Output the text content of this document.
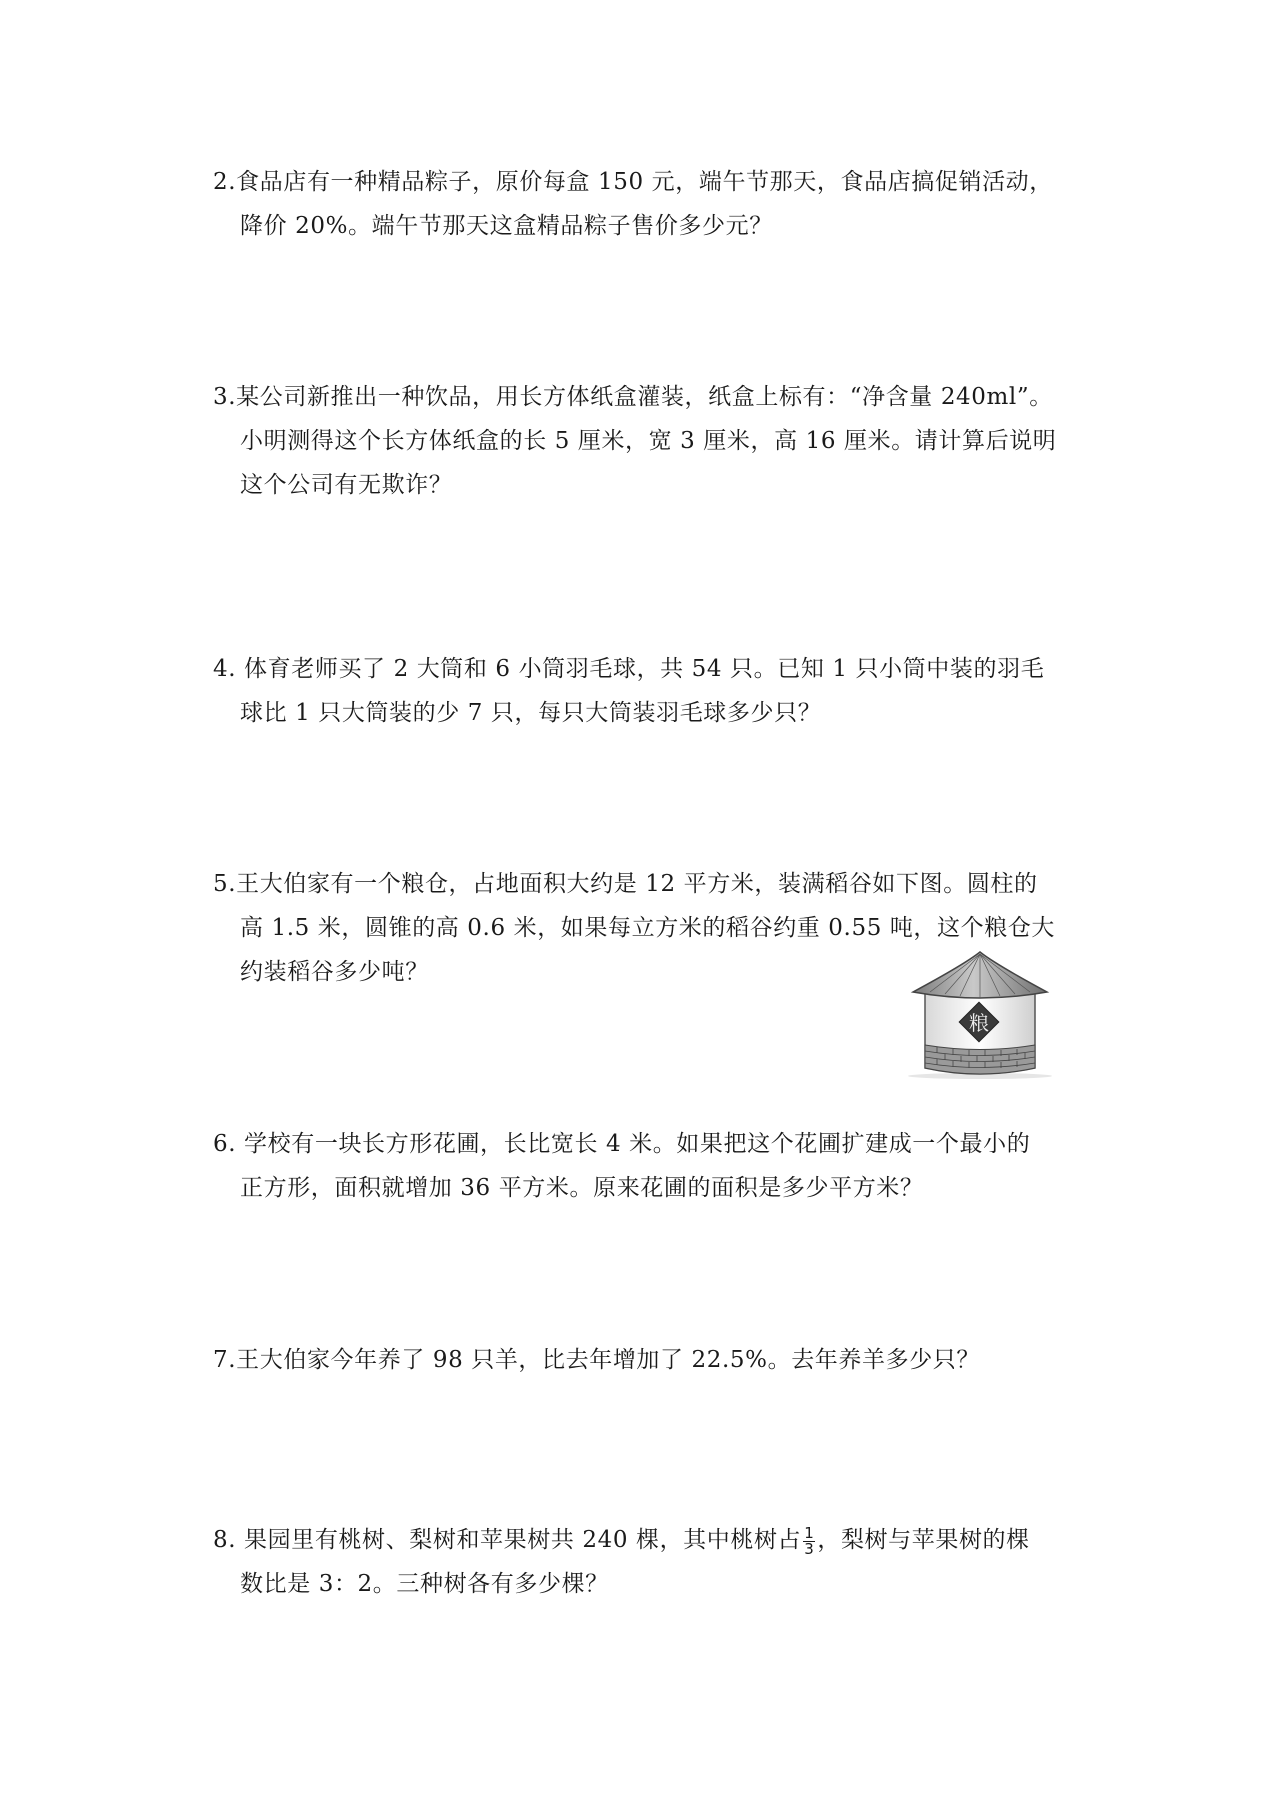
2.食品店有一种精品粽子，原价每盒 150 元，端午节那天，食品店搞促销活动，
降价 20%。端午节那天这盒精品粽子售价多少元？
3.某公司新推出一种饮品，用长方体纸盒灌装，纸盒上标有：“净含量 240ml”。
小明测得这个长方体纸盒的长 5 厘米，宽 3 厘米，高 16 厘米。请计算后说明
这个公司有无欺诈？
4. 体育老师买了 2 大筒和 6 小筒羽毛球，共 54 只。已知 1 只小筒中装的羽毛
球比 1 只大筒装的少 7 只，每只大筒装羽毛球多少只？
5.王大伯家有一个粮仓，占地面积大约是 12 平方米，装满稻谷如下图。圆柱的
高 1.5 米，圆锥的高 0.6 米，如果每立方米的稻谷约重 0.55 吨，这个粮仓大
约装稻谷多少吨？
粮
6. 学校有一块长方形花圃，长比宽长 4 米。如果把这个花圃扩建成一个最小的
正方形，面积就增加 36 平方米。原来花圃的面积是多少平方米？
7.王大伯家今年养了 98 只羊，比去年增加了 22.5%。去年养羊多少只？
8. 果园里有桃树、梨树和苹果树共 240 棵，其中桃树占 $\frac{1}{3}$ ，梨树与苹果树的棵
数比是 3：2。三种树各有多少棵？
